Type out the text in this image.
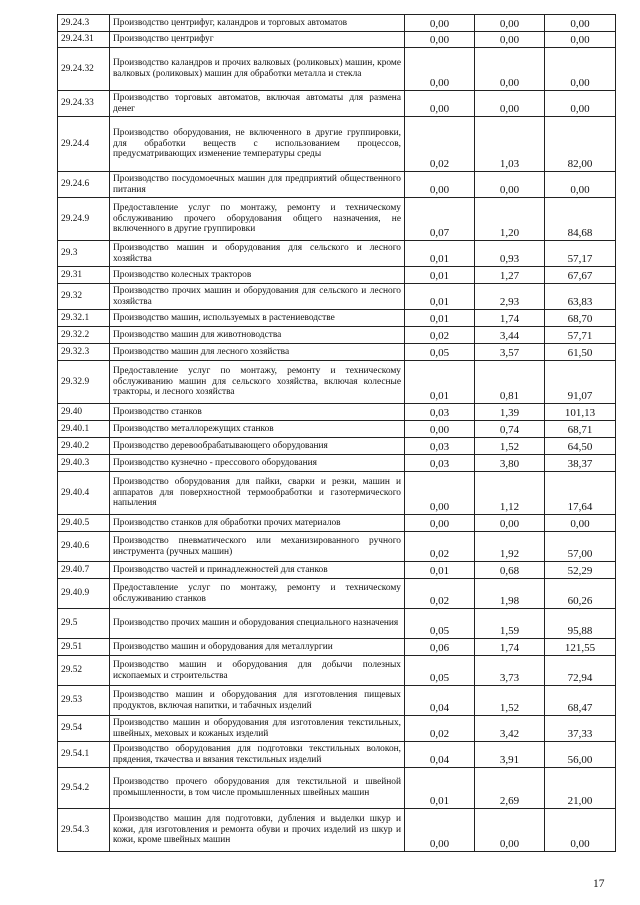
29.24.3	Производство центрифуг, каландров и торговых автоматов	0,00	0,00	0,00
29.24.31	Производство центрифуг	0,00	0,00	0,00
29.24.32	Производство каландров и прочих валковых (роликовых) машин, кроме валковых (роликовых) машин для обработки металла и стекла	0,00	0,00	0,00
29.24.33	Производство торговых автоматов, включая автоматы для размена денег	0,00	0,00	0,00
29.24.4	Производство оборудования, не включенного в другие группировки, для обработки веществ с использованием процессов, предусматривающих изменение температуры среды	0,02	1,03	82,00
29.24.6	Производство посудомоечных машин для предприятий общественного питания	0,00	0,00	0,00
29.24.9	Предоставление услуг по монтажу, ремонту и техническому обслуживанию прочего оборудования общего назначения, не включенного в другие группировки	0,07	1,20	84,68
29.3	Производство машин и оборудования для сельского и лесного хозяйства	0,01	0,93	57,17
29.31	Производство колесных тракторов	0,01	1,27	67,67
29.32	Производство прочих машин и оборудования для сельского и лесного хозяйства	0,01	2,93	63,83
29.32.1	Производство машин, используемых в растениеводстве	0,01	1,74	68,70
29.32.2	Производство машин для животноводства	0,02	3,44	57,71
29.32.3	Производство машин для лесного хозяйства	0,05	3,57	61,50
29.32.9	Предоставление услуг по монтажу, ремонту и техническому обслуживанию машин для сельского хозяйства, включая колесные тракторы, и лесного хозяйства	0,01	0,81	91,07
29.40	Производство станков	0,03	1,39	101,13
29.40.1	Производство металлорежущих станков	0,00	0,74	68,71
29.40.2	Производство деревообрабатывающего оборудования	0,03	1,52	64,50
29.40.3	Производство кузнечно - прессового оборудования	0,03	3,80	38,37
29.40.4	Производство оборудования для пайки, сварки и резки, машин и аппаратов для поверхностной термообработки и газотермического напыления	0,00	1,12	17,64
29.40.5	Производство станков для обработки прочих материалов	0,00	0,00	0,00
29.40.6	Производство пневматического или механизированного ручного инструмента (ручных машин)	0,02	1,92	57,00
29.40.7	Производство частей и принадлежностей для станков	0,01	0,68	52,29
29.40.9	Предоставление услуг по монтажу, ремонту и техническому обслуживанию станков	0,02	1,98	60,26
29.5	Производство прочих машин и оборудования специального назначения	0,05	1,59	95,88
29.51	Производство машин и оборудования для металлургии	0,06	1,74	121,55
29.52	Производство машин и оборудования для добычи полезных ископаемых и строительства	0,05	3,73	72,94
29.53	Производство машин и оборудования для изготовления пищевых продуктов, включая напитки, и табачных изделий	0,04	1,52	68,47
29.54	Производство машин и оборудования для изготовления текстильных, швейных, меховых и кожаных изделий	0,02	3,42	37,33
29.54.1	Производство оборудования для подготовки текстильных волокон, прядения, ткачества и вязания текстильных изделий	0,04	3,91	56,00
29.54.2	Производство прочего оборудования для текстильной и швейной промышленности, в том числе промышленных швейных машин	0,01	2,69	21,00
29.54.3	Производство машин для подготовки, дубления и выделки шкур и кожи, для изготовления и ремонта обуви и прочих изделий из шкур и кожи, кроме швейных машин	0,00	0,00	0,00
17
